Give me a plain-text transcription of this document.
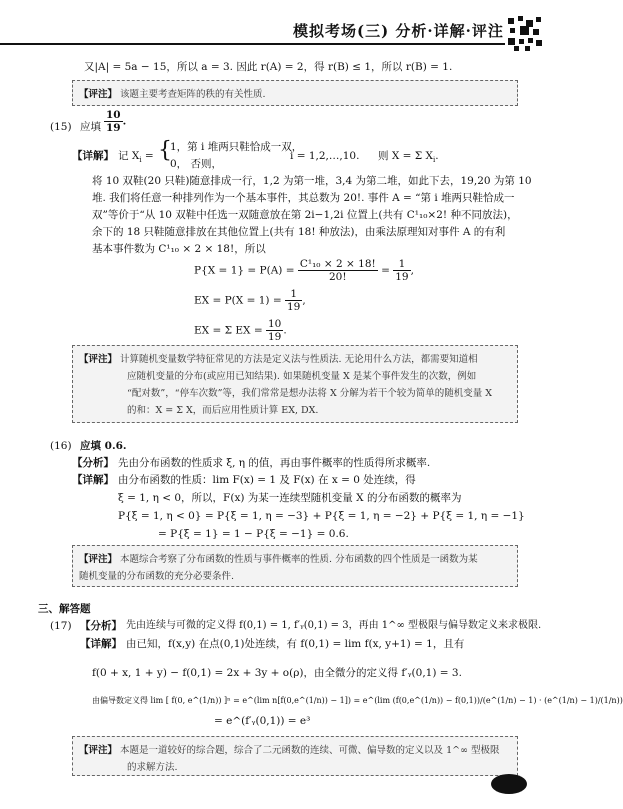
模拟考场(三) 分析·详解·评注
又|A| = 5a − 15，所以 a = 3. 因此 r(A) = 2，得 r(B) ≤ 1，所以 r(B) = 1.
【评注】 该题主要考查矩阵的秩的有关性质.
(15) 应填 $\frac{10}{19}$ .
【详解】 记 $X_i$ = {
1，第 i 堆两只鞋恰成一双，
0， 否则，
i = 1,2,…,10. 则 X = Σ $X_i$.
将 10 双鞋(20 只鞋)随意排成一行，1,2 为第一堆，3,4 为第二堆，如此下去，19,20 为第 10
堆. 我们将任意一种排列作为一个基本事件，其总数为 20!. 事件 A = “第 i 堆两只鞋恰成一
双”等价于“从 10 双鞋中任选一双随意放在第 2i−1,2i 位置上(共有 C¹₁₀×2! 种不同放法)，
余下的 18 只鞋随意排放在其他位置上(共有 18! 种放法)，由乘法原理知对事件 A 的有利
基本事件数为 C¹₁₀ × 2 × 18!，所以
$P\{X = 1\} = P(A) = \frac{\text{C¹₁₀ × 2 × 18!}}{20!} = \frac{1}{19}$ ,
EX = $P(X = 1) = \frac{1}{19}$ ,
EX = Σ EX = $\frac{10}{19}$ .
【评注】 计算随机变量数学特征常见的方法是定义法与性质法. 无论用什么方法，都需要知道相
应随机变量的分布(或应用已知结果). 如果随机变量 X 是某个事件发生的次数，例如
“配对数”，“停车次数”等，我们常常是想办法将 X 分解为若干个较为简单的随机变量 X
的和：X = Σ X，而后应用性质计算 EX, DX.
(16) 应填 0.6.
【分析】 先由分布函数的性质求 ξ, η 的值，再由事件概率的性质得所求概率.
【详解】 由分布函数的性质：lim F(x) = 1 及 F(x) 在 x = 0 处连续，得
ξ = 1, η < 0，所以，F(x) 为某一连续型随机变量 X 的分布函数的概率为
P{ξ = 1, η < 0} = P{ξ = 1, η = −3} + P{ξ = 1, η = −2} + P{ξ = 1, η = −1}
= P{ξ = 1} = 1 − P{ξ = −1} = 0.6.
【评注】 本题综合考察了分布函数的性质与事件概率的性质. 分布函数的四个性质是一函数为某
随机变量的分布函数的充分必要条件.
三、解答题
(17) 【分析】 先由连续与可微的定义得 f(0,1) = 1, f′ᵧ(0,1) = 3，再由 1^∞ 型极限与偏导数定义来求极限.
【详解】 由已知，f(x,y) 在点(0,1)处连续，有 f(0,1) = lim f(x, y+1) = 1，且有
f(0 + x, 1 + y) − f(0,1) = 2x + 3y + o(ρ)，由全微分的定义得 f′ᵧ(0,1) = 3.
由偏导数定义得 lim [ f(0, e^(1/n)) ]ⁿ = e^(lim n[f(0,e^(1/n)) − 1]) = e^(lim (f(0,e^(1/n)) − f(0,1))/(e^(1/n) − 1) · (e^(1/n) − 1)/(1/n))
= e^(f′ᵧ(0,1)) = e³
【评注】 本题是一道较好的综合题，综合了二元函数的连续、可微、偏导数的定义以及 1^∞ 型极限
的求解方法.
